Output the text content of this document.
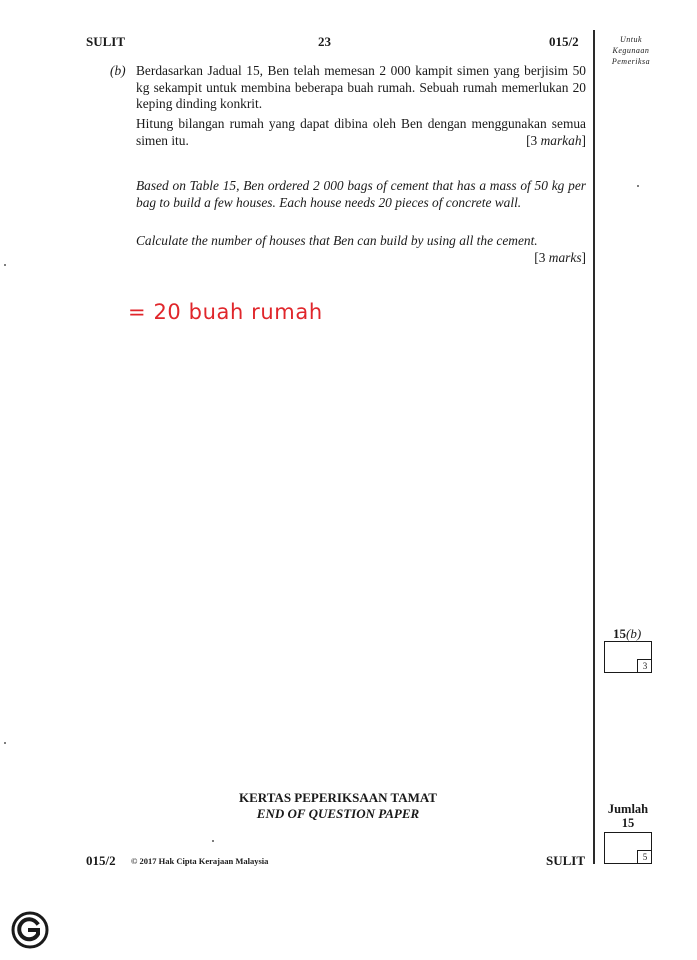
SULIT	23	015/2	Untuk
Kegunaan
Pemeriksa
(b) Berdasarkan Jadual 15, Ben telah memesan 2 000 kampit simen yang berjisim 50 kg sekampit untuk membina beberapa buah rumah. Sebuah rumah memerlukan 20 keping dinding konkrit.
Hitung bilangan rumah yang dapat dibina oleh Ben dengan menggunakan semua simen itu.	[3 markah]
Based on Table 15, Ben ordered 2 000 bags of cement that has a mass of 50 kg per bag to build a few houses. Each house needs 20 pieces of concrete wall.
Calculate the number of houses that Ben can build by using all the cement.
[3 marks]
= 20 buah rumah
15(b)
3
Jumlah
15
5
KERTAS PEPERIKSAAN TAMAT
END OF QUESTION PAPER
015/2 © 2017 Hak Cipta Kerajaan Malaysia	SULIT
